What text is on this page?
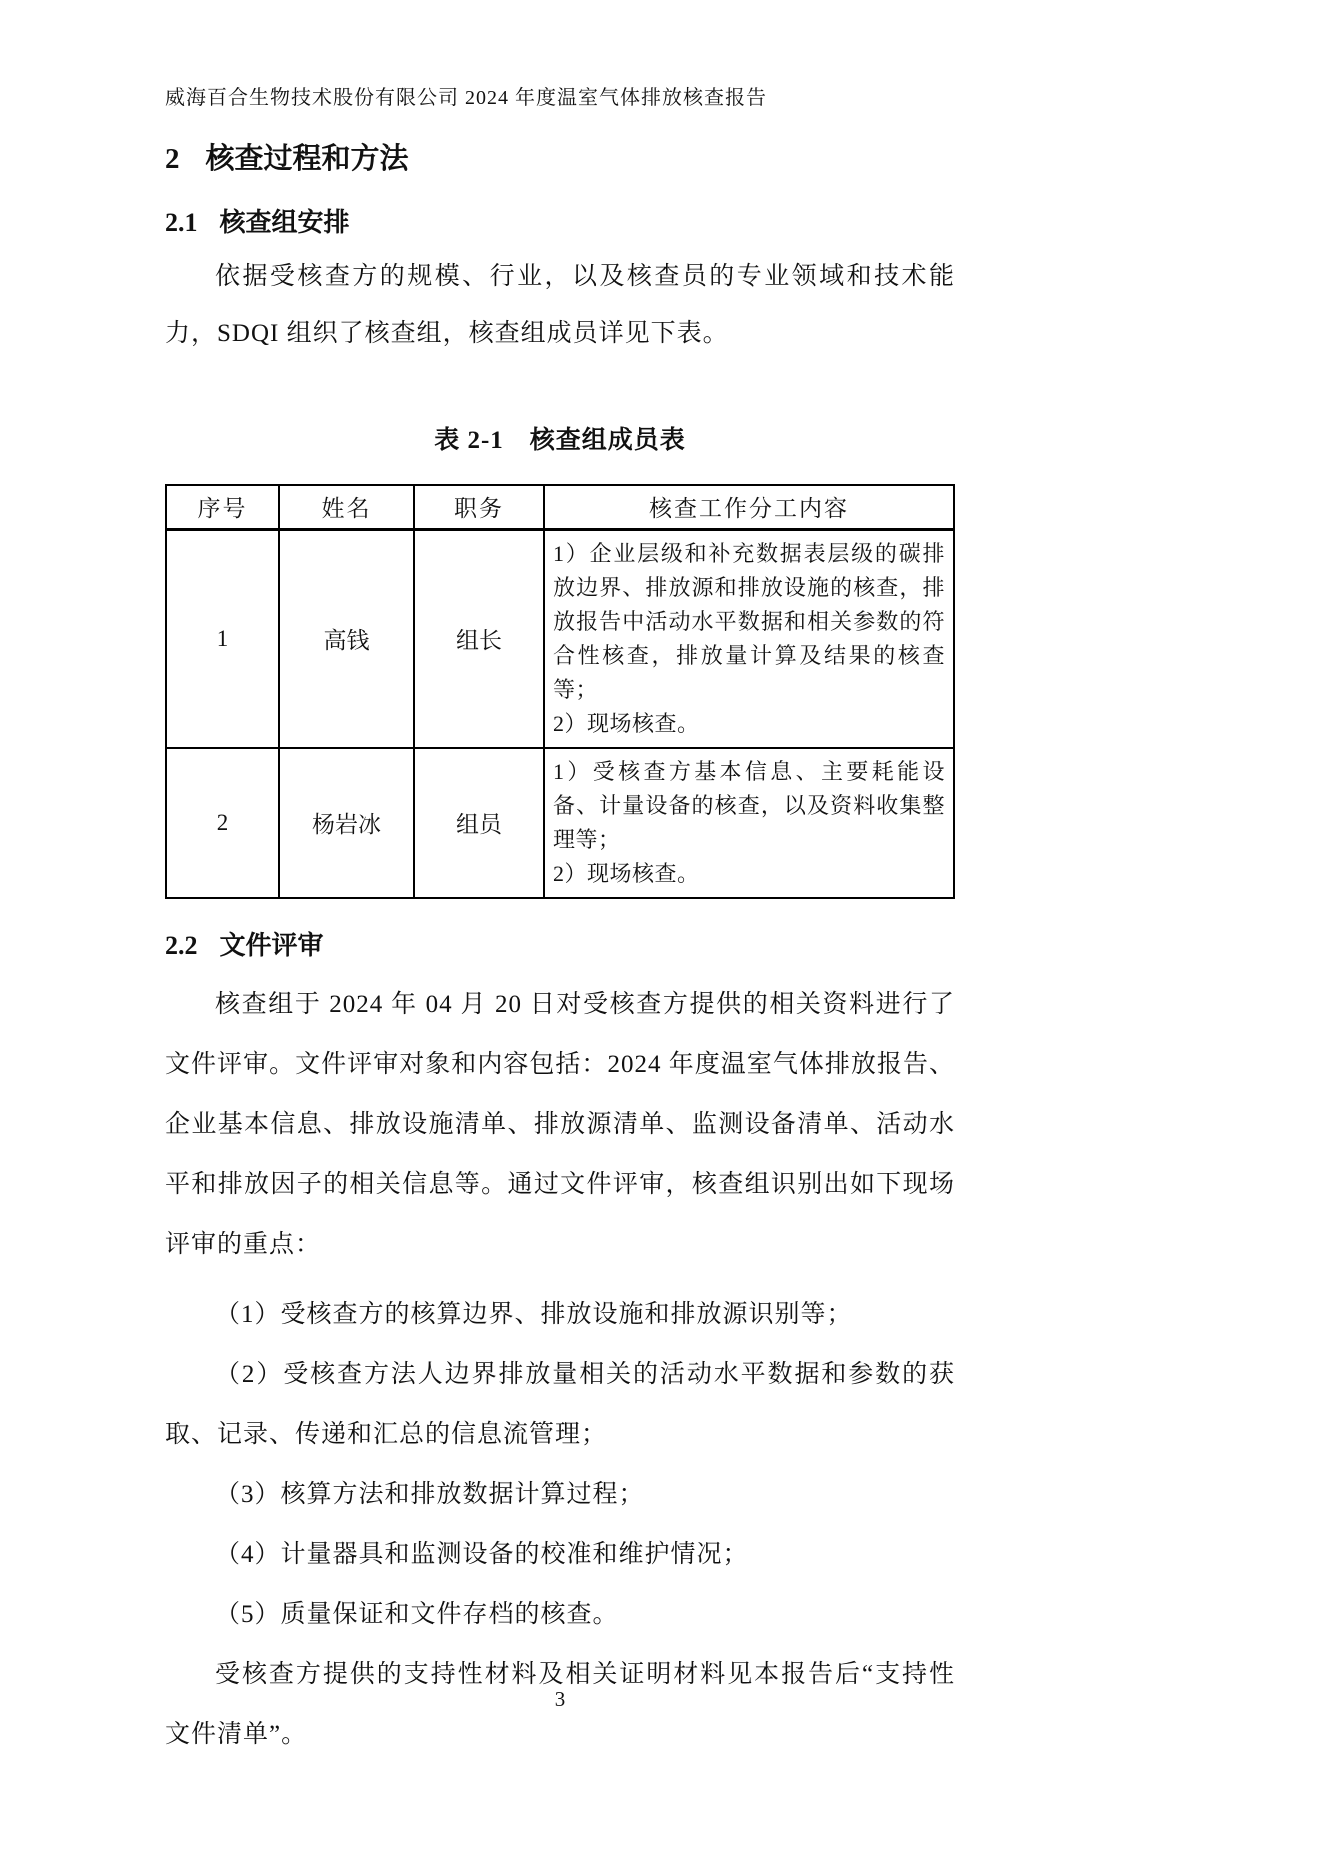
威海百合生物技术股份有限公司 2024 年度温室气体排放核查报告
2 核查过程和方法
2.1 核查组安排

依据受核查方的规模、行业，以及核查员的专业领域和技术能力，SDQI 组织了核查组，核查组成员详见下表。

表 2-1　核查组成员表
序号	姓名	职务	核查工作分工内容
1	高钱	组长	1）企业层级和补充数据表层级的碳排放边界、排放源和排放设施的核查，排放报告中活动水平数据和相关参数的符合性核查，排放量计算及结果的核查等；
2）现场核查。

2	杨岩冰	组员	1）受核查方基本信息、主要耗能设备、计量设备的核查，以及资料收集整理等；
2）现场核查。
2.2 文件评审

核查组于 2024 年 04 月 20 日对受核查方提供的相关资料进行了文件评审。文件评审对象和内容包括：2024 年度温室气体排放报告、企业基本信息、排放设施清单、排放源清单、监测设备清单、活动水平和排放因子的相关信息等。通过文件评审，核查组识别出如下现场评审的重点：

（1）受核查方的核算边界、排放设施和排放源识别等；

（2）受核查方法人边界排放量相关的活动水平数据和参数的获取、记录、传递和汇总的信息流管理；

（3）核算方法和排放数据计算过程；

（4）计量器具和监测设备的校准和维护情况；

（5）质量保证和文件存档的核查。

受核查方提供的支持性材料及相关证明材料见本报告后“支持性文件清单”。

3
